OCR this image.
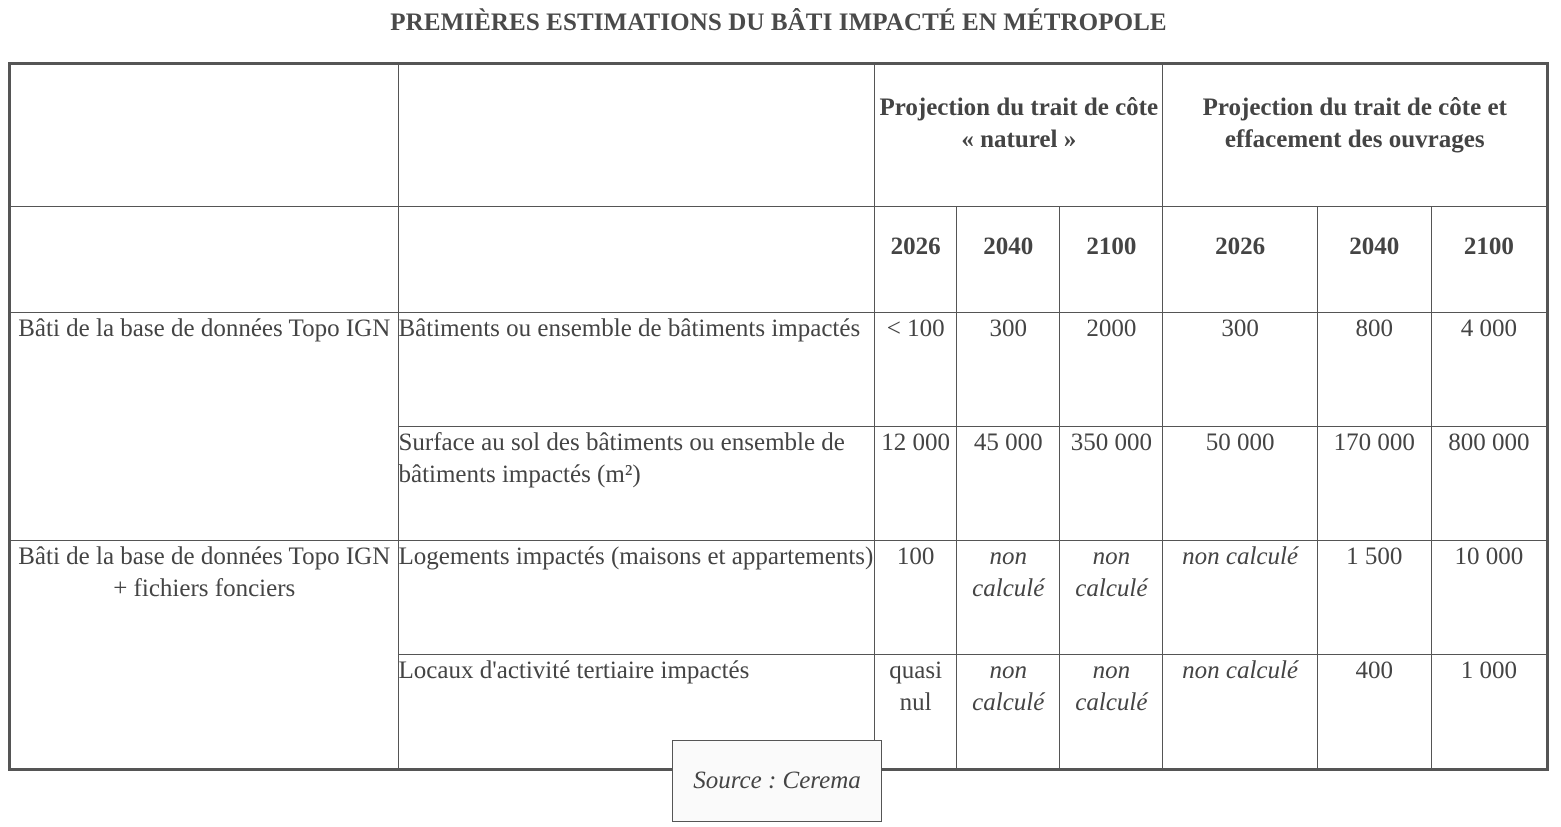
PREMIÈRES ESTIMATIONS DU BÂTI IMPACTÉ EN MÉTROPOLE
		Projection du trait de côte « naturel »			Projection du trait de côte et effacement des ouvrages		
		2026	2040	2100	2026	2040	2100
Bâti de la base de données Topo IGN	Bâtiments ou ensemble de bâtiments impactés	< 100	300	2000	300	800	4 000
	Surface au sol des bâtiments ou ensemble de bâtiments impactés (m²)	12 000	45 000	350 000	50 000	170 000	800 000
Bâti de la base de données Topo IGN + fichiers fonciers	Logements impactés (maisons et appartements)	100	non calculé	non calculé	non calculé	1 500	10 000
	Locaux d'activité tertiaire impactés	quasi nul	non calculé	non calculé	non calculé	400	1 000
Source : Cerema
